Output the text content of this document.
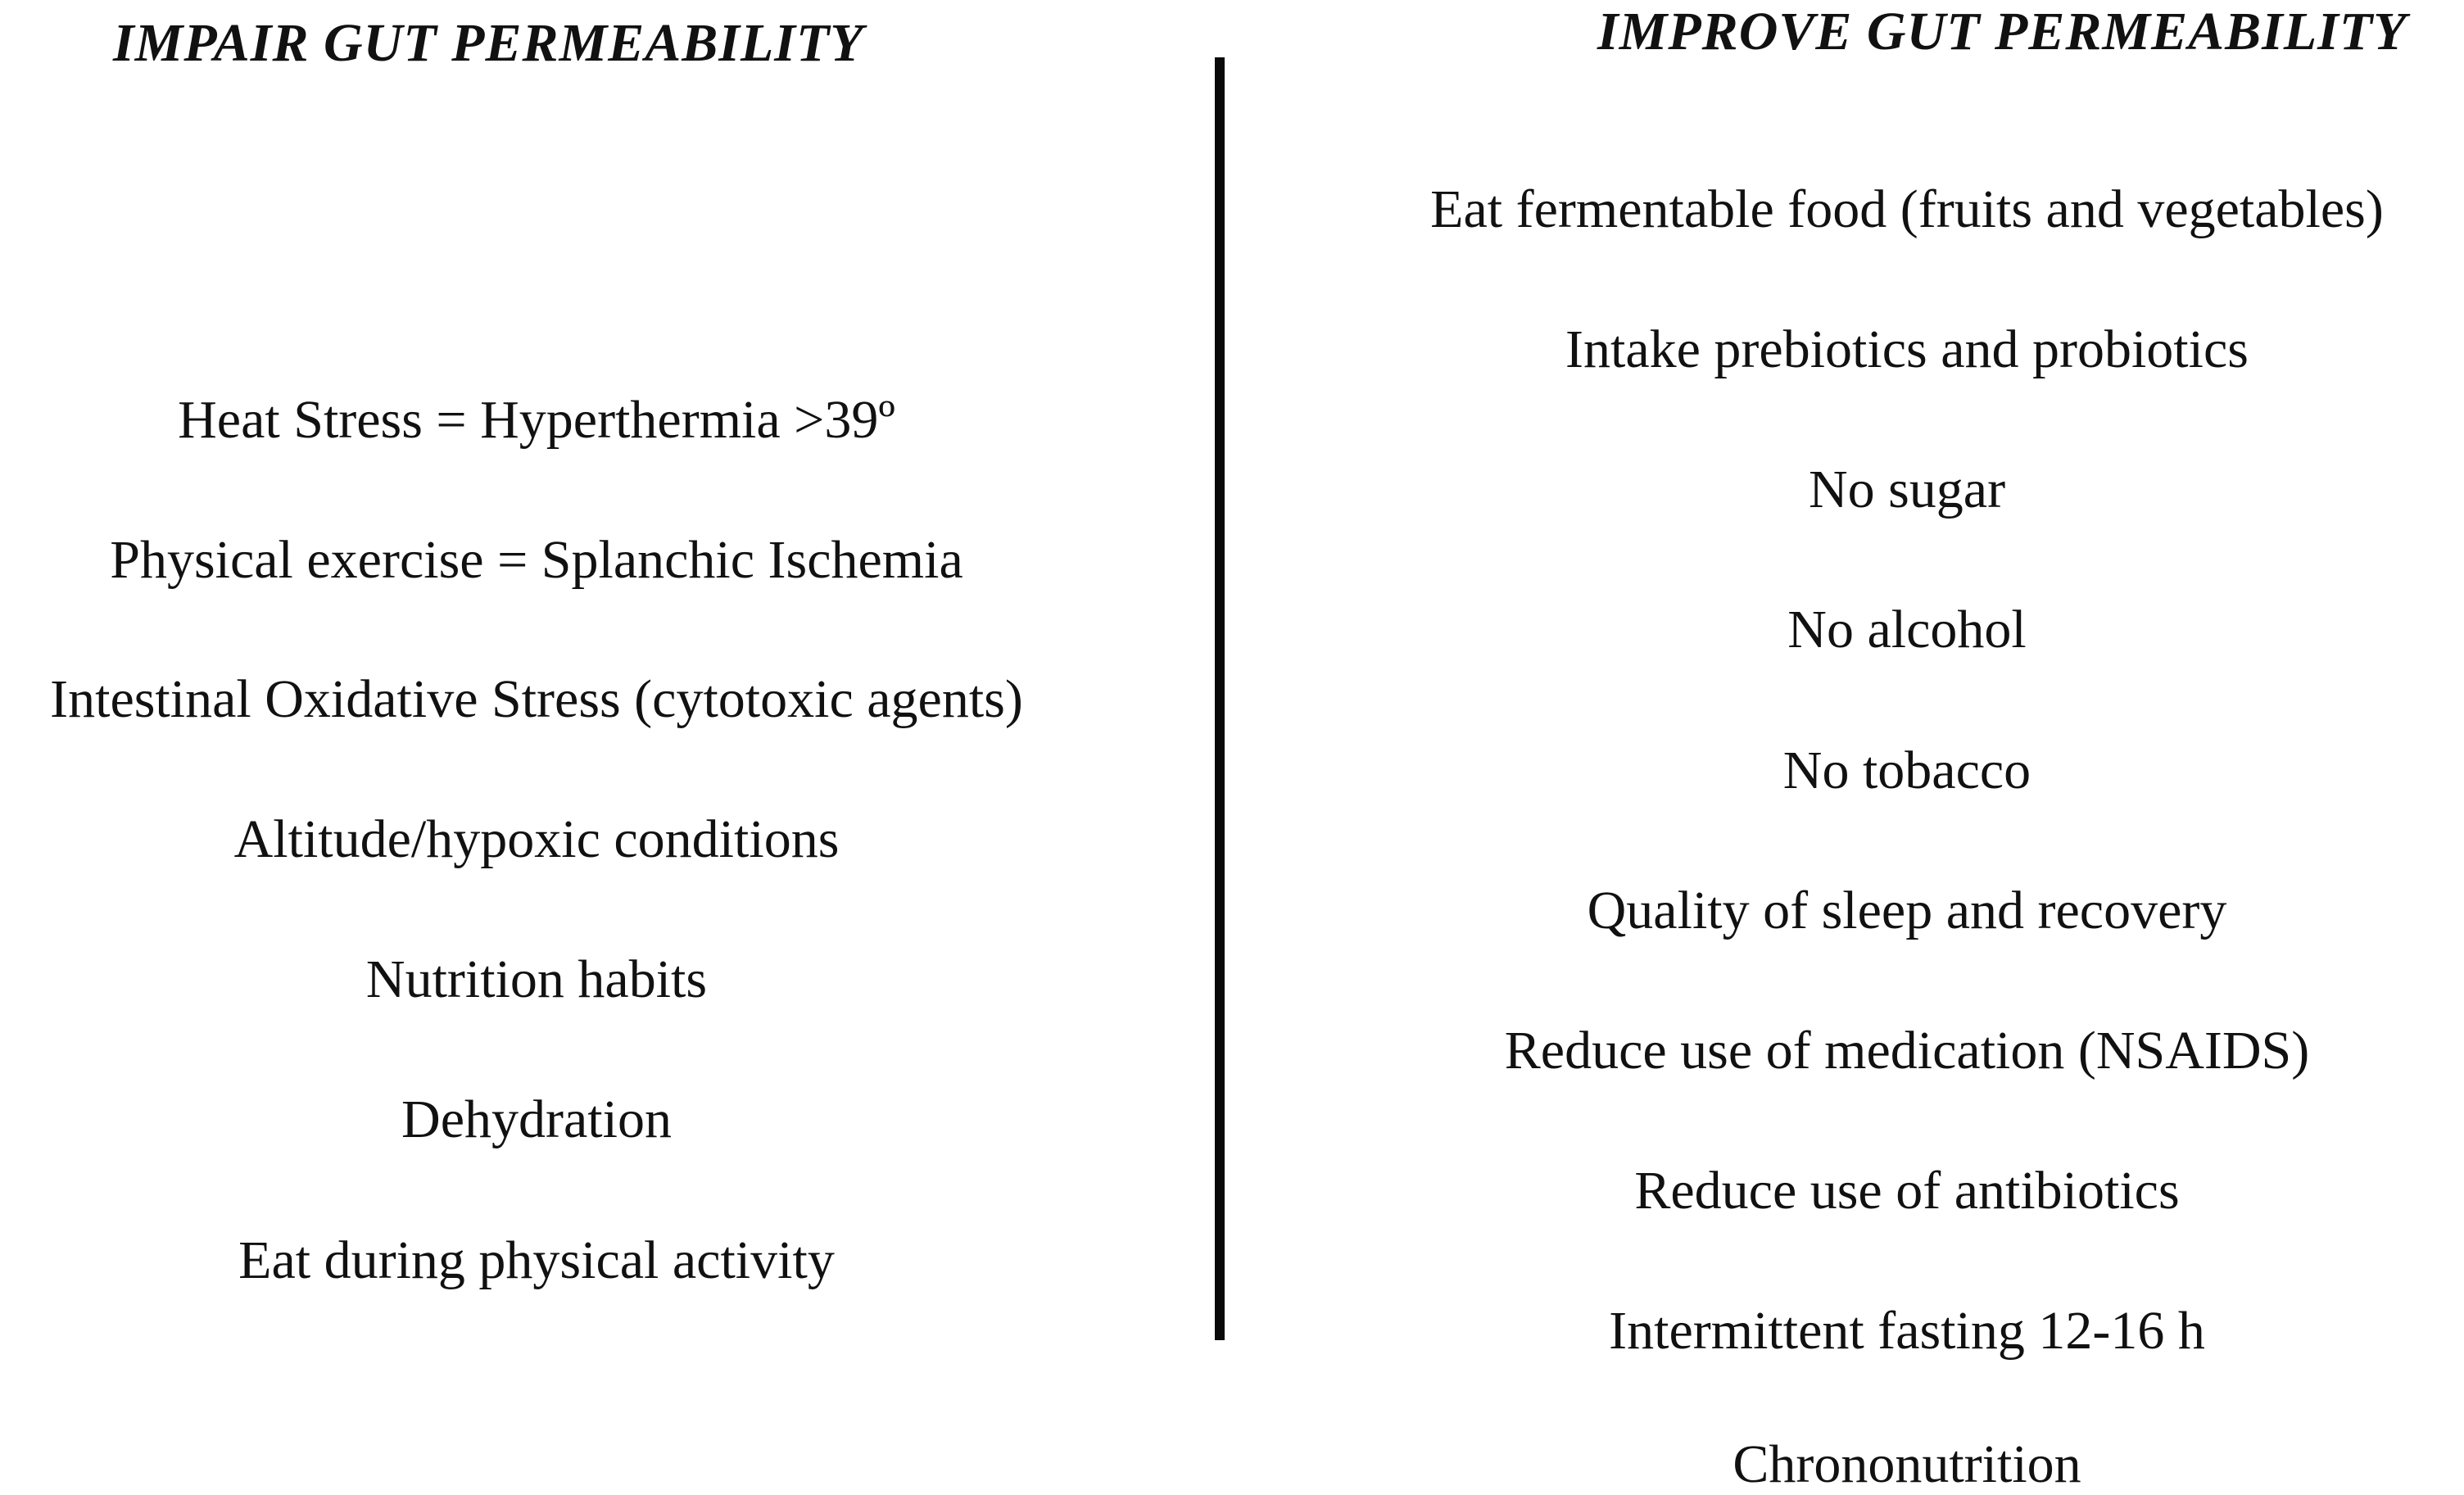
IMPAIR GUT PERMEABILITY
Heat Stress = Hyperthermia >39º
Physical exercise = Splanchic Ischemia
Intestinal Oxidative Stress (cytotoxic agents)
Altitude/hypoxic conditions
Nutrition habits
Dehydration
Eat during physical activity
IMPROVE GUT PERMEABILITY
Eat fermentable food (fruits and vegetables)
Intake prebiotics and probiotics
No sugar
No alcohol
No tobacco
Quality of sleep and recovery
Reduce use of medication (NSAIDS)
Reduce use of antibiotics
Intermittent fasting 12-16 h
Chrononutrition
